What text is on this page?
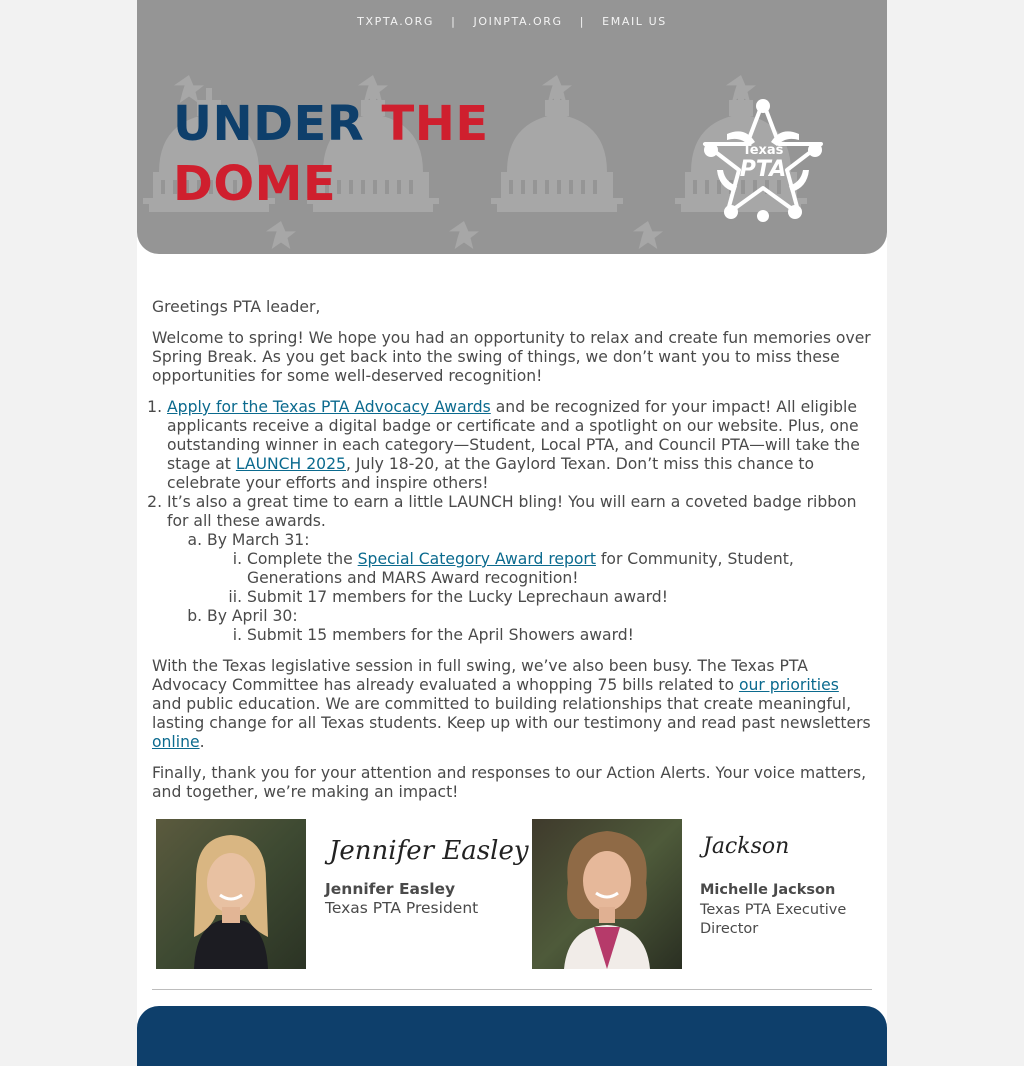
TXPTA.ORG | JOINPTA.ORG | EMAIL US
UNDER THE
DOME
Texas
PTA

Greetings PTA leader,

Welcome to spring! We hope you had an opportunity to relax and create fun memories over Spring Break. As you get back into the swing of things, we don’t want you to miss these opportunities for some well-deserved recognition!

1. Apply for the Texas PTA Advocacy Awards and be recognized for your impact! All eligible applicants receive a digital badge or certificate and a spotlight on our website. Plus, one outstanding winner in each category—Student, Local PTA, and Council PTA—will take the stage at LAUNCH 2025, July 18-20, at the Gaylord Texan. Don’t miss this chance to celebrate your efforts and inspire others!
2. It’s also a great time to earn a little LAUNCH bling! You will earn a coveted badge ribbon for all these awards.
a. By March 31:
i. Complete the Special Category Award report for Community, Student, Generations and MARS Award recognition!
ii. Submit 17 members for the Lucky Leprechaun award!
b. By April 30:
i. Submit 15 members for the April Showers award!

With the Texas legislative session in full swing, we’ve also been busy. The Texas PTA Advocacy Committee has already evaluated a whopping 75 bills related to our priorities and public education. We are committed to building relationships that create meaningful, lasting change for all Texas students. Keep up with our testimony and read past newsletters online.

Finally, thank you for your attention and responses to our Action Alerts. Your voice matters, and together, we’re making an impact!

Jennifer Easley
Jennifer Easley
Texas PTA President
Jackson
Michelle Jackson
Texas PTA Executive Director
